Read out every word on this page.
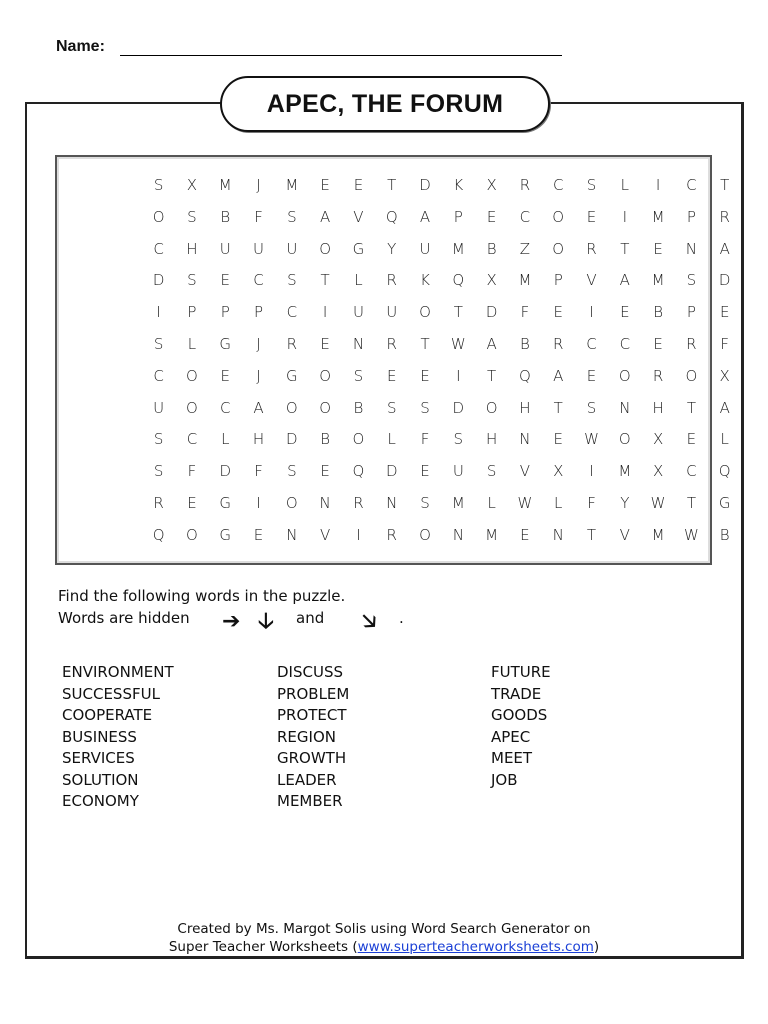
Name:
APEC, THE FORUM
S	X	M	J	M	E	E	T	D	K	X	R	C	S	L	I	C	T
O	S	B	F	S	A	V	Q	A	P	E	C	O	E	I	M	P	R
C	H	U	U	U	O	G	Y	U	M	B	Z	O	R	T	E	N	A
D	S	E	C	S	T	L	R	K	Q	X	M	P	V	A	M	S	D
I	P	P	P	C	I	U	U	O	T	D	F	E	I	E	B	P	E
S	L	G	J	R	E	N	R	T	W	A	B	R	C	C	E	R	F
C	O	E	J	G	O	S	E	E	I	T	Q	A	E	O	R	O	X
U	O	C	A	O	O	B	S	S	D	O	H	T	S	N	H	T	A
S	C	L	H	D	B	O	L	F	S	H	N	E	W	O	X	E	L
S	F	D	F	S	E	Q	D	E	U	S	V	X	I	M	X	C	Q
R	E	G	I	O	N	R	N	S	M	L	W	L	F	Y	W	T	G
Q	O	G	E	N	V	I	R	O	N	M	E	N	T	V	M	W	B
Find the following words in the puzzle.
Words are hidden ➔ 🡣 and 🡦 .
ENVIRONMENT
SUCCESSFUL
COOPERATE
BUSINESS
SERVICES
SOLUTION
ECONOMY
DISCUSS
PROBLEM
PROTECT
REGION
GROWTH
LEADER
MEMBER
FUTURE
TRADE
GOODS
APEC
MEET
JOB
Created by Ms. Margot Solis using Word Search Generator on
Super Teacher Worksheets (www.superteacherworksheets.com)
